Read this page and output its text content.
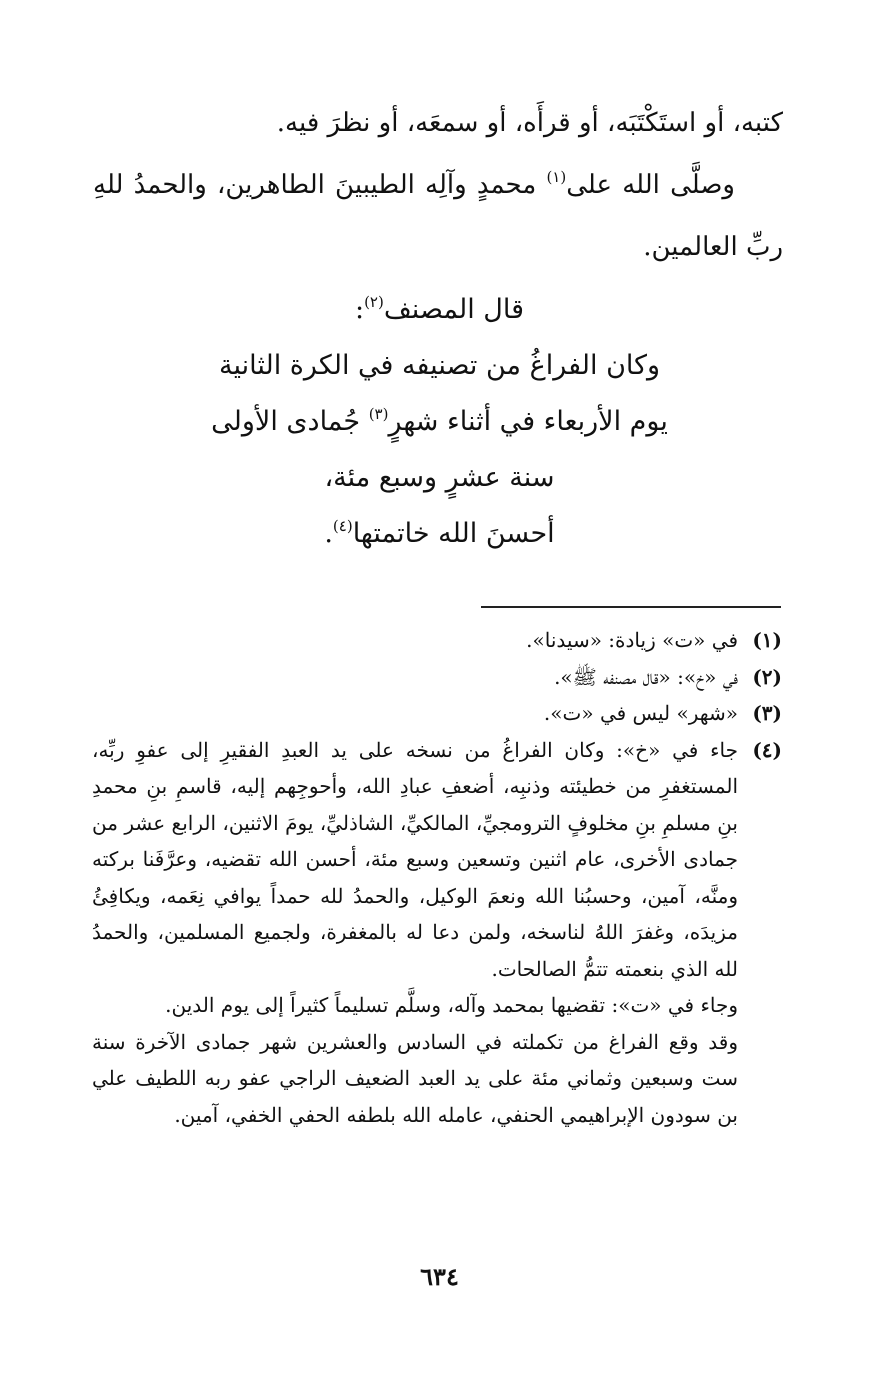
كتبه، أو استَكْتَبَه، أو قرأَه، أو سمعَه، أو نظرَ فيه.

وصلَّى الله على$^{(١)}$ محمدٍ وآلِه الطيبينَ الطاهرين، والحمدُ للهِ ربِّ العالمين.

قال المصنف$^{(٢)}$:
وكان الفراغُ من تصنيفه في الكرة الثانية
يوم الأربعاء في أثناء شهرٍ$^{(٣)}$ جُمادى الأولى
سنة عشرٍ وسبع مئة،
أحسنَ الله خاتمتها$^{(٤)}$.
(١)
في «ت» زيادة: «سيدنا».
(٢)
في «خ»: «قال مصنفه ﷺ».
(٣)
«شهر» ليس في «ت».
(٤)

جاء في «خ»: وكان الفراغُ من نسخه على يد العبدِ الفقيرِ إلى عفوِ ربِّه، المستغفرِ من خطيئته وذنبِه، أضعفِ عبادِ الله، وأحوجِهم إليه، قاسمِ بنِ محمدِ بنِ مسلمِ بنِ مخلوفٍ الترومجيِّ، المالكيِّ، الشاذليِّ، يومَ الاثنين، الرابع عشر من جمادى الأخرى، عام اثنين وتسعين وسبع مئة، أحسن الله تقضيه، وعرَّفَنا بركته ومنَّه، آمين، وحسبُنا الله ونعمَ الوكيل، والحمدُ لله حمداً يوافي نِعَمه، ويكافِئُ مزيدَه، وغفرَ اللهُ لناسخه، ولمن دعا له بالمغفرة، ولجميع المسلمين، والحمدُ لله الذي بنعمته تتمُّ الصالحات.

وجاء في «ت»: تقضيها بمحمد وآله، وسلَّم تسليماً كثيراً إلى يوم الدين.

وقد وقع الفراغ من تكملته في السادس والعشرين شهر جمادى الآخرة سنة ست وسبعين وثماني مئة على يد العبد الضعيف الراجي عفو ربه اللطيف علي بن سودون الإبراهيمي الحنفي، عامله الله بلطفه الحفي الخفي، آمين.

٦٣٤
